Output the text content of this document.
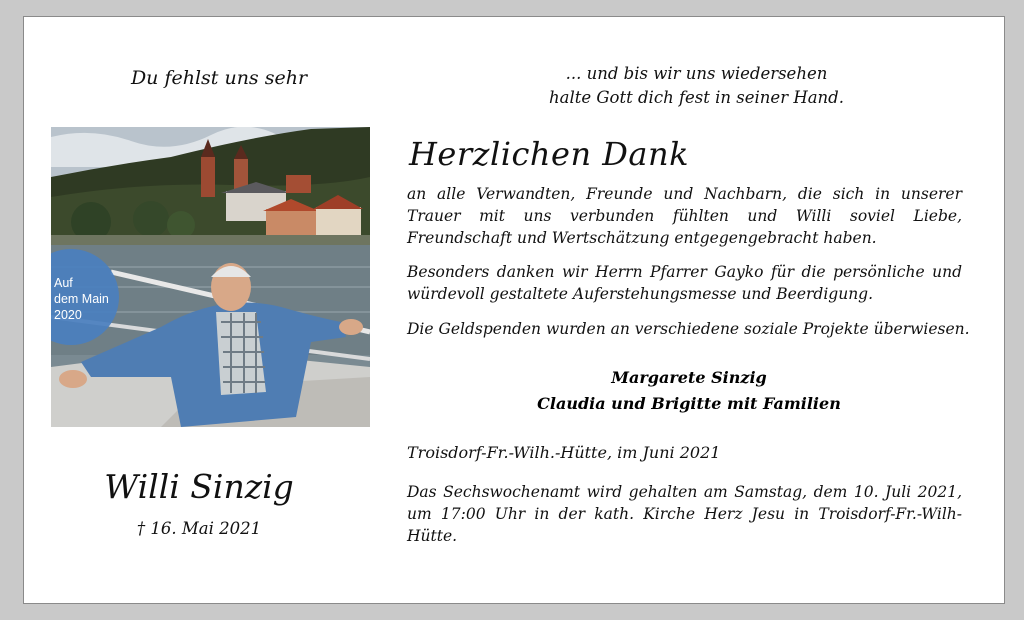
Du fehlst uns sehr	... und bis wir uns wiedersehen
halte Gott dich fest in seiner Hand.
Auf
dem Main
2020
Herzlichen Dank
an alle Verwandten, Freunde und Nachbarn, die sich in unserer Trauer mit uns verbunden fühlten und Willi soviel Liebe, Freundschaft und Wertschätzung entgegengebracht haben.
Besonders danken wir Herrn Pfarrer Gayko für die persönliche und würdevoll gestaltete Auferstehungsmesse und Beerdigung.
Die Geldspenden wurden an verschiedene soziale Projekte überwiesen.
Margarete Sinzig
Claudia und Brigitte mit Familien
Troisdorf-Fr.-Wilh.-Hütte, im Juni 2021
Das Sechswochenamt wird gehalten am Samstag, dem 10. Juli 2021, um 17:00 Uhr in der kath. Kirche Herz Jesu in Troisdorf-Fr.-Wilh-Hütte.
Willi Sinzig
† 16. Mai 2021
